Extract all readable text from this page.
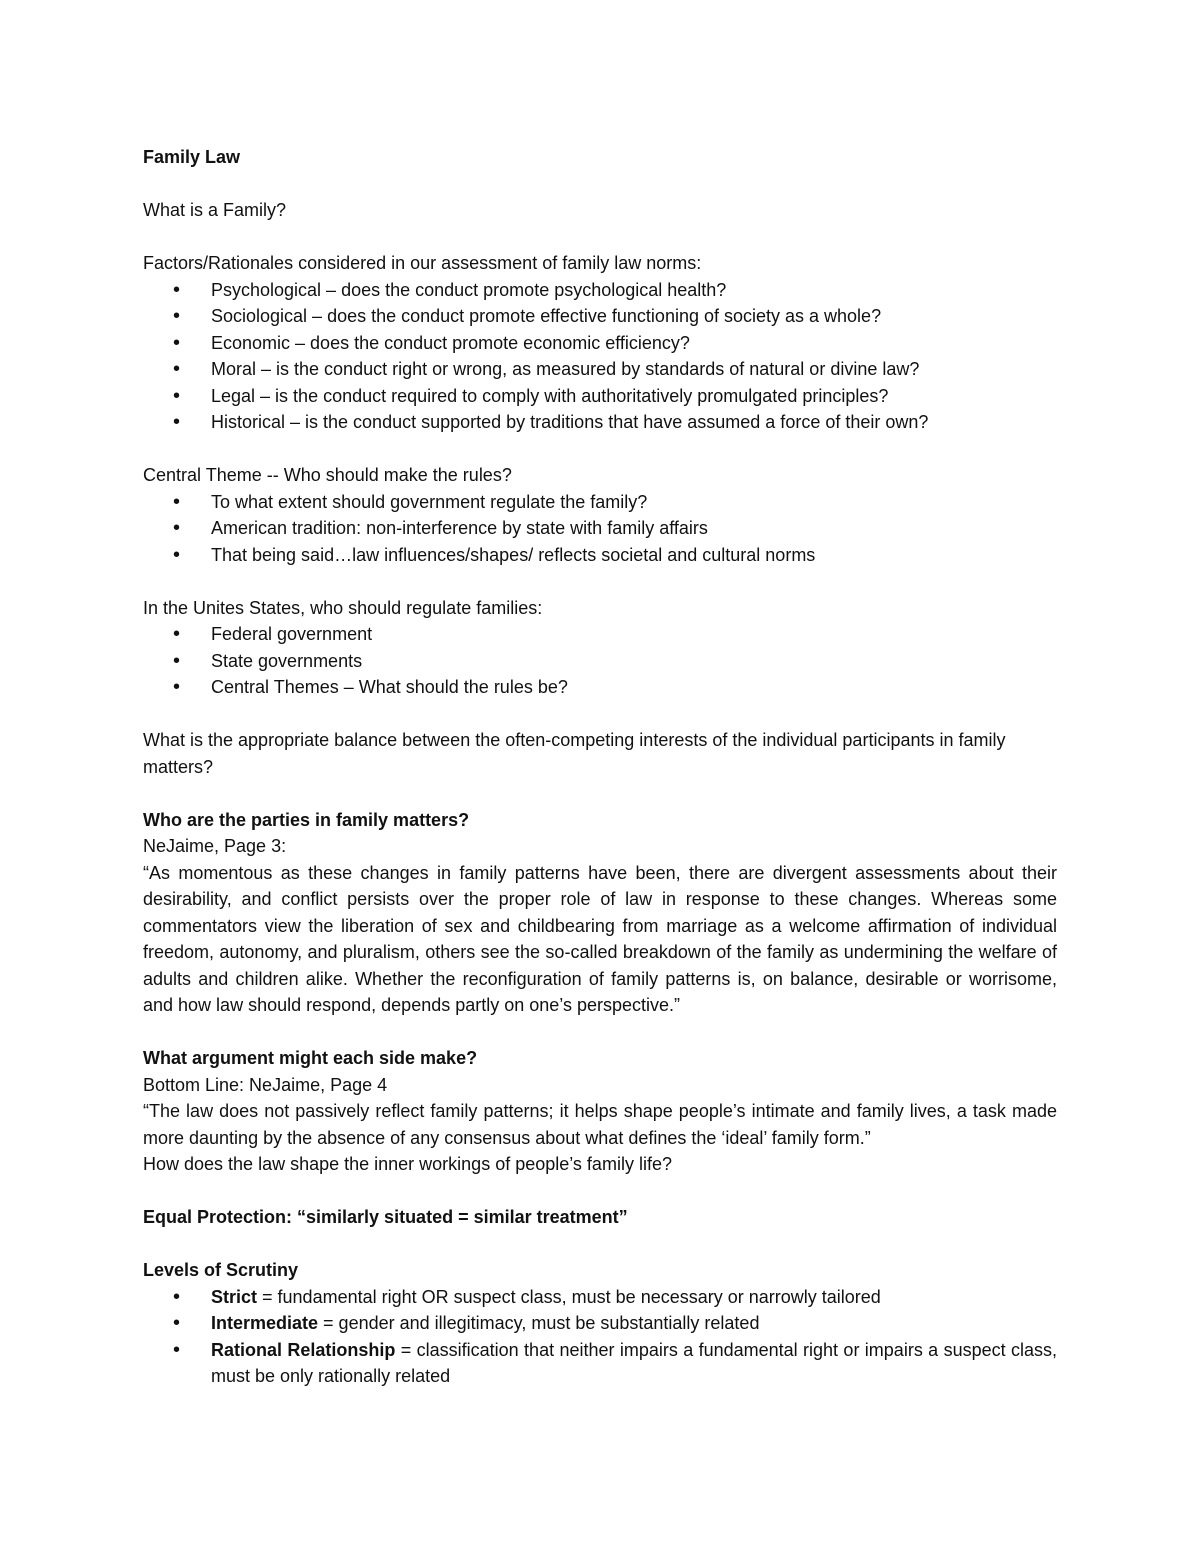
Family Law

What is a Family?

Factors/Rationales considered in our assessment of family law norms:

• Psychological – does the conduct promote psychological health?
• Sociological – does the conduct promote effective functioning of society as a whole?
• Economic – does the conduct promote economic efficiency?
• Moral – is the conduct right or wrong, as measured by standards of natural or divine law?
• Legal – is the conduct required to comply with authoritatively promulgated principles?
• Historical – is the conduct supported by traditions that have assumed a force of their own?

Central Theme -- Who should make the rules?

• To what extent should government regulate the family?
• American tradition: non-interference by state with family affairs
• That being said…law influences/shapes/ reflects societal and cultural norms

In the Unites States, who should regulate families:

• Federal government
• State governments
• Central Themes – What should the rules be?

What is the appropriate balance between the often-competing interests of the individual participants in family matters?

Who are the parties in family matters?

NeJaime, Page 3:

“As momentous as these changes in family patterns have been, there are divergent assessments about their desirability, and conflict persists over the proper role of law in response to these changes. Whereas some commentators view the liberation of sex and childbearing from marriage as a welcome affirmation of individual freedom, autonomy, and pluralism, others see the so-called breakdown of the family as undermining the welfare of adults and children alike. Whether the reconfiguration of family patterns is, on balance, desirable or worrisome, and how law should respond, depends partly on one’s perspective.”

What argument might each side make?

Bottom Line: NeJaime, Page 4

“The law does not passively reflect family patterns; it helps shape people’s intimate and family lives, a task made more daunting by the absence of any consensus about what defines the ‘ideal’ family form.”

How does the law shape the inner workings of people’s family life?

Equal Protection: “similarly situated = similar treatment”

Levels of Scrutiny

• Strict = fundamental right OR suspect class, must be necessary or narrowly tailored
• Intermediate = gender and illegitimacy, must be substantially related
• Rational Relationship = classification that neither impairs a fundamental right or impairs a suspect class, must be only rationally related
